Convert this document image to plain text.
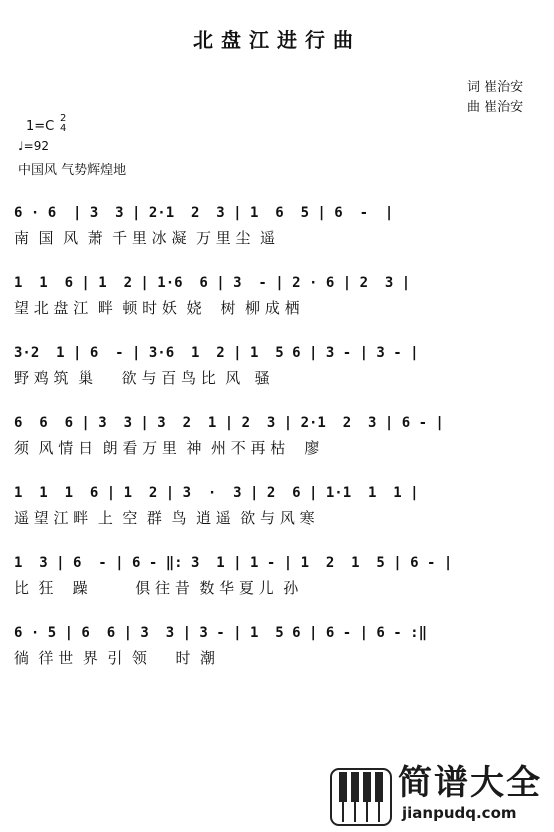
北盘江进行曲
词 崔治安
曲 崔治安
1=C
2
4
♩=92
中国风 气势辉煌地
6 · 6  | 3  3 | 2·1  2  3 | 1  6  5 | 6  -  |
南  国  风  萧  千 里 冰 凝  万 里 尘  遥
1  1  6 | 1  2 | 1·6  6 | 3  - | 2 · 6 | 2  3 |
望 北 盘 江  畔  顿 时 妖  娆    树  柳 成 栖
3·2  1 | 6  - | 3·6  1  2 | 1  5 6 | 3 - | 3 - |
野 鸡 筑  巢      欲 与 百 鸟 比  风   骚
6  6  6 | 3  3 | 3  2  1 | 2  3 | 2·1  2  3 | 6 - |
须  风 情 日  朗 看 万 里  神  州 不 再 枯    廖
1  1  1  6 | 1  2 | 3  ·  3 | 2  6 | 1·1  1  1 |
遥 望 江 畔  上  空  群  鸟  逍 遥  欲 与 风 寒
1  3 | 6  - | 6 - ‖: 3  1 | 1 - | 1  2  1  5 | 6 - |
比  狂    躁          俱 往 昔  数 华 夏 儿  孙
6 · 5 | 6  6 | 3  3 | 3 - | 1  5 6 | 6 - | 6 - :‖
徜  徉 世  界  引  领      时  潮
简谱大全
jianpudq.com
